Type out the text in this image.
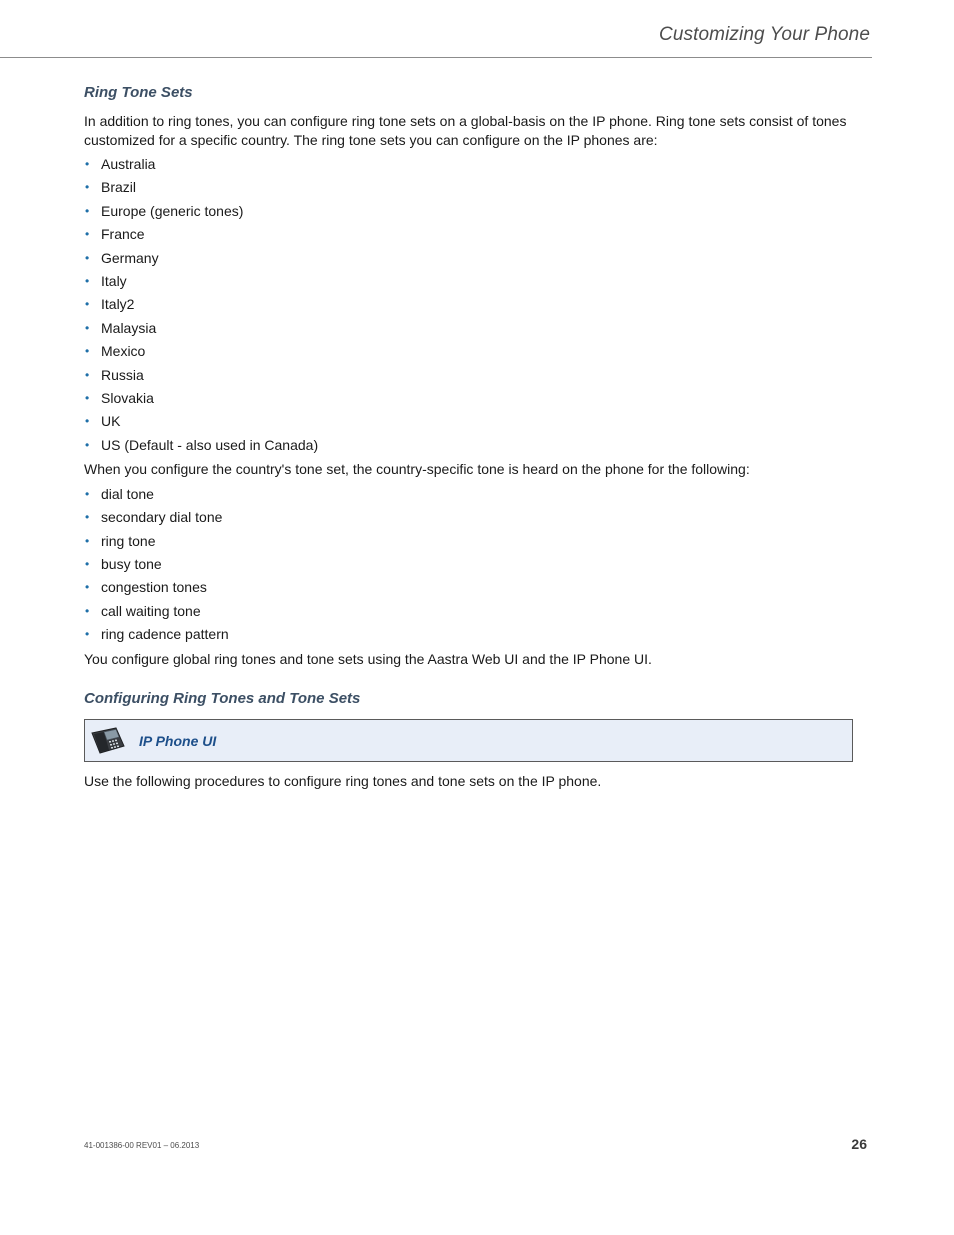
Customizing Your Phone
Ring Tone Sets

In addition to ring tones, you can configure ring tone sets on a global-basis on the IP phone. Ring tone sets consist of tones customized for a specific country. The ring tone sets you can configure on the IP phones are:

• Australia
• Brazil
• Europe (generic tones)
• France
• Germany
• Italy
• Italy2
• Malaysia
• Mexico
• Russia
• Slovakia
• UK
• US (Default - also used in Canada)

When you configure the country's tone set, the country-specific tone is heard on the phone for the following:

• dial tone
• secondary dial tone
• ring tone
• busy tone
• congestion tones
• call waiting tone
• ring cadence pattern

You configure global ring tones and tone sets using the Aastra Web UI and the IP Phone UI.

Configuring Ring Tones and Tone Sets
IP Phone UI

Use the following procedures to configure ring tones and tone sets on the IP phone.

41-001386-00 REV01 – 06.2013	26
